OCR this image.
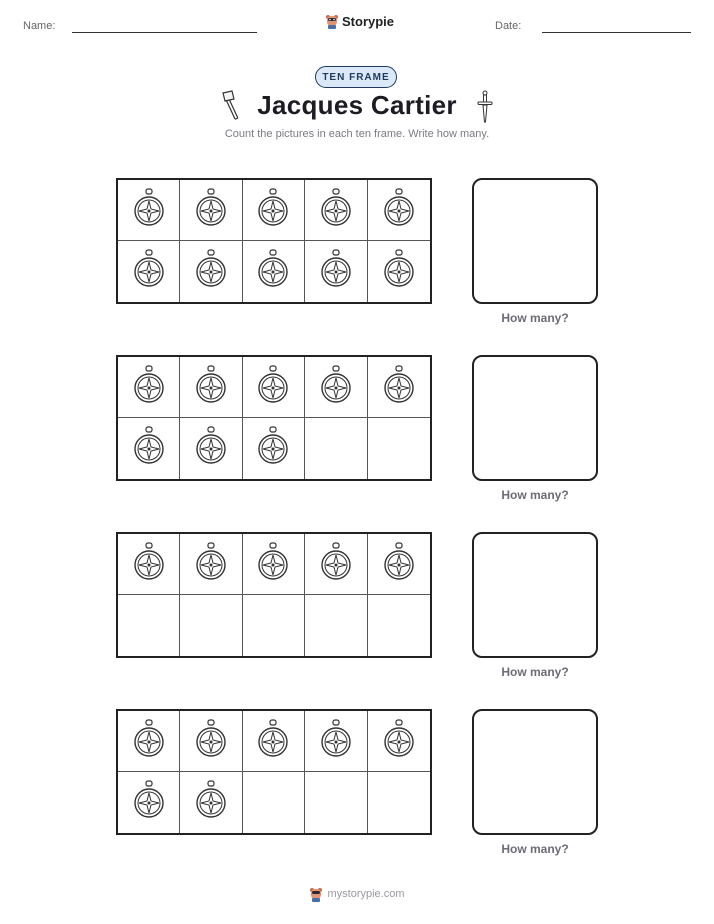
Name:	Storypie	Date:
TEN FRAME
Jacques Cartier
Count the pictures in each ten frame. Write how many.
How many?
How many?
How many?
How many?
mystorypie.com
